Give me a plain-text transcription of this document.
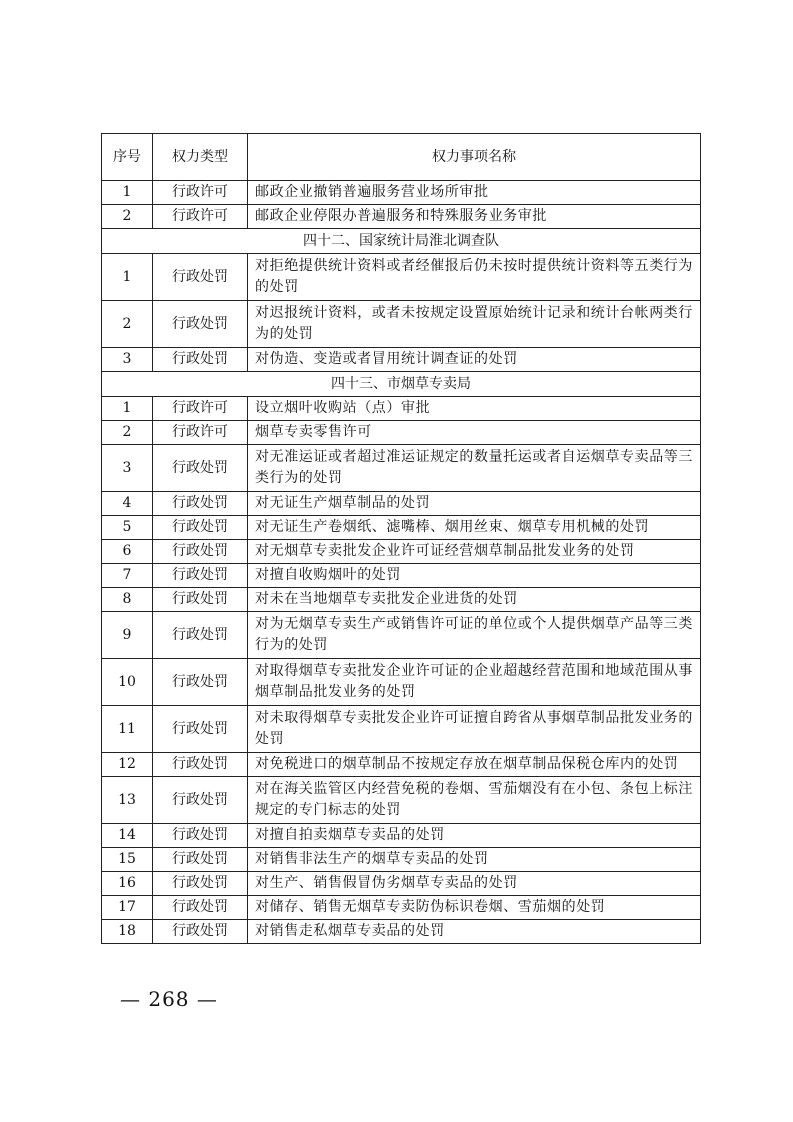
序号	权力类型	权力事项名称
1	行政许可	邮政企业撤销普遍服务营业场所审批
2	行政许可	邮政企业停限办普遍服务和特殊服务业务审批
四十二、国家统计局淮北调查队		
1	行政处罚	对拒绝提供统计资料或者经催报后仍未按时提供统计资料等五类行为的处罚
2	行政处罚	对迟报统计资料，或者未按规定设置原始统计记录和统计台帐两类行为的处罚
3	行政处罚	对伪造、变造或者冒用统计调查证的处罚
四十三、市烟草专卖局		
1	行政许可	设立烟叶收购站（点）审批
2	行政许可	烟草专卖零售许可
3	行政处罚	对无准运证或者超过准运证规定的数量托运或者自运烟草专卖品等三类行为的处罚
4	行政处罚	对无证生产烟草制品的处罚
5	行政处罚	对无证生产卷烟纸、滤嘴棒、烟用丝束、烟草专用机械的处罚
6	行政处罚	对无烟草专卖批发企业许可证经营烟草制品批发业务的处罚
7	行政处罚	对擅自收购烟叶的处罚
8	行政处罚	对未在当地烟草专卖批发企业进货的处罚
9	行政处罚	对为无烟草专卖生产或销售许可证的单位或个人提供烟草产品等三类行为的处罚
10	行政处罚	对取得烟草专卖批发企业许可证的企业超越经营范围和地域范围从事烟草制品批发业务的处罚
11	行政处罚	对未取得烟草专卖批发企业许可证擅自跨省从事烟草制品批发业务的处罚
12	行政处罚	对免税进口的烟草制品不按规定存放在烟草制品保税仓库内的处罚
13	行政处罚	对在海关监管区内经营免税的卷烟、雪茄烟没有在小包、条包上标注规定的专门标志的处罚
14	行政处罚	对擅自拍卖烟草专卖品的处罚
15	行政处罚	对销售非法生产的烟草专卖品的处罚
16	行政处罚	对生产、销售假冒伪劣烟草专卖品的处罚
17	行政处罚	对储存、销售无烟草专卖防伪标识卷烟、雪茄烟的处罚
18	行政处罚	对销售走私烟草专卖品的处罚
— 268 —
